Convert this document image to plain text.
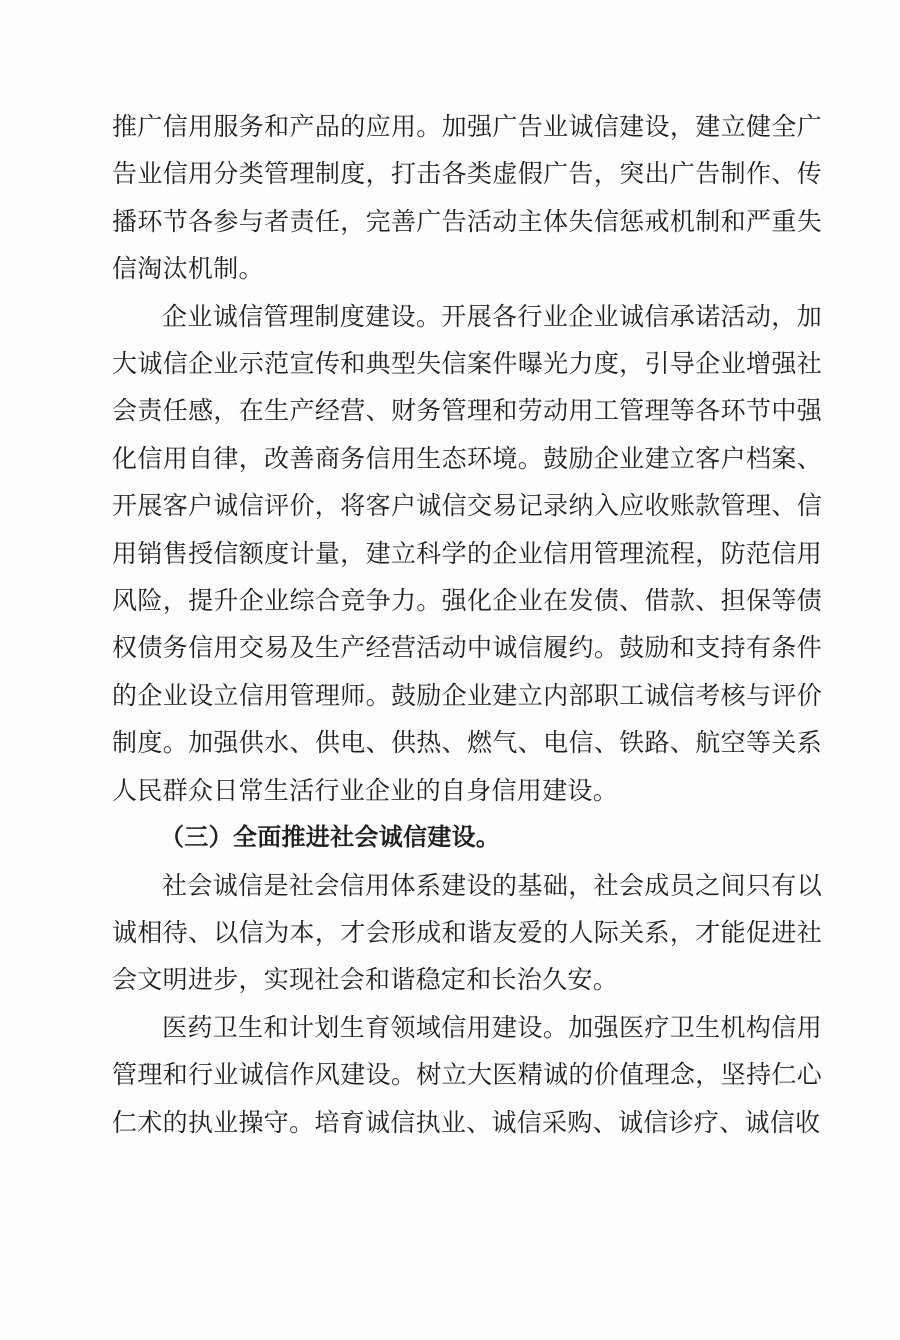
推广信用服务和产品的应用。加强广告业诚信建设，建立健全广告业信用分类管理制度，打击各类虚假广告，突出广告制作、传播环节各参与者责任，完善广告活动主体失信惩戒机制和严重失信淘汰机制。

企业诚信管理制度建设。开展各行业企业诚信承诺活动，加大诚信企业示范宣传和典型失信案件曝光力度，引导企业增强社会责任感，在生产经营、财务管理和劳动用工管理等各环节中强化信用自律，改善商务信用生态环境。鼓励企业建立客户档案、开展客户诚信评价，将客户诚信交易记录纳入应收账款管理、信用销售授信额度计量，建立科学的企业信用管理流程，防范信用风险，提升企业综合竞争力。强化企业在发债、借款、担保等债权债务信用交易及生产经营活动中诚信履约。鼓励和支持有条件的企业设立信用管理师。鼓励企业建立内部职工诚信考核与评价制度。加强供水、供电、供热、燃气、电信、铁路、航空等关系人民群众日常生活行业企业的自身信用建设。

（三）全面推进社会诚信建设。

社会诚信是社会信用体系建设的基础，社会成员之间只有以诚相待、以信为本，才会形成和谐友爱的人际关系，才能促进社会文明进步，实现社会和谐稳定和长治久安。

医药卫生和计划生育领域信用建设。加强医疗卫生机构信用管理和行业诚信作风建设。树立大医精诚的价值理念，坚持仁心仁术的执业操守。培育诚信执业、诚信采购、诚信诊疗、诚信收
